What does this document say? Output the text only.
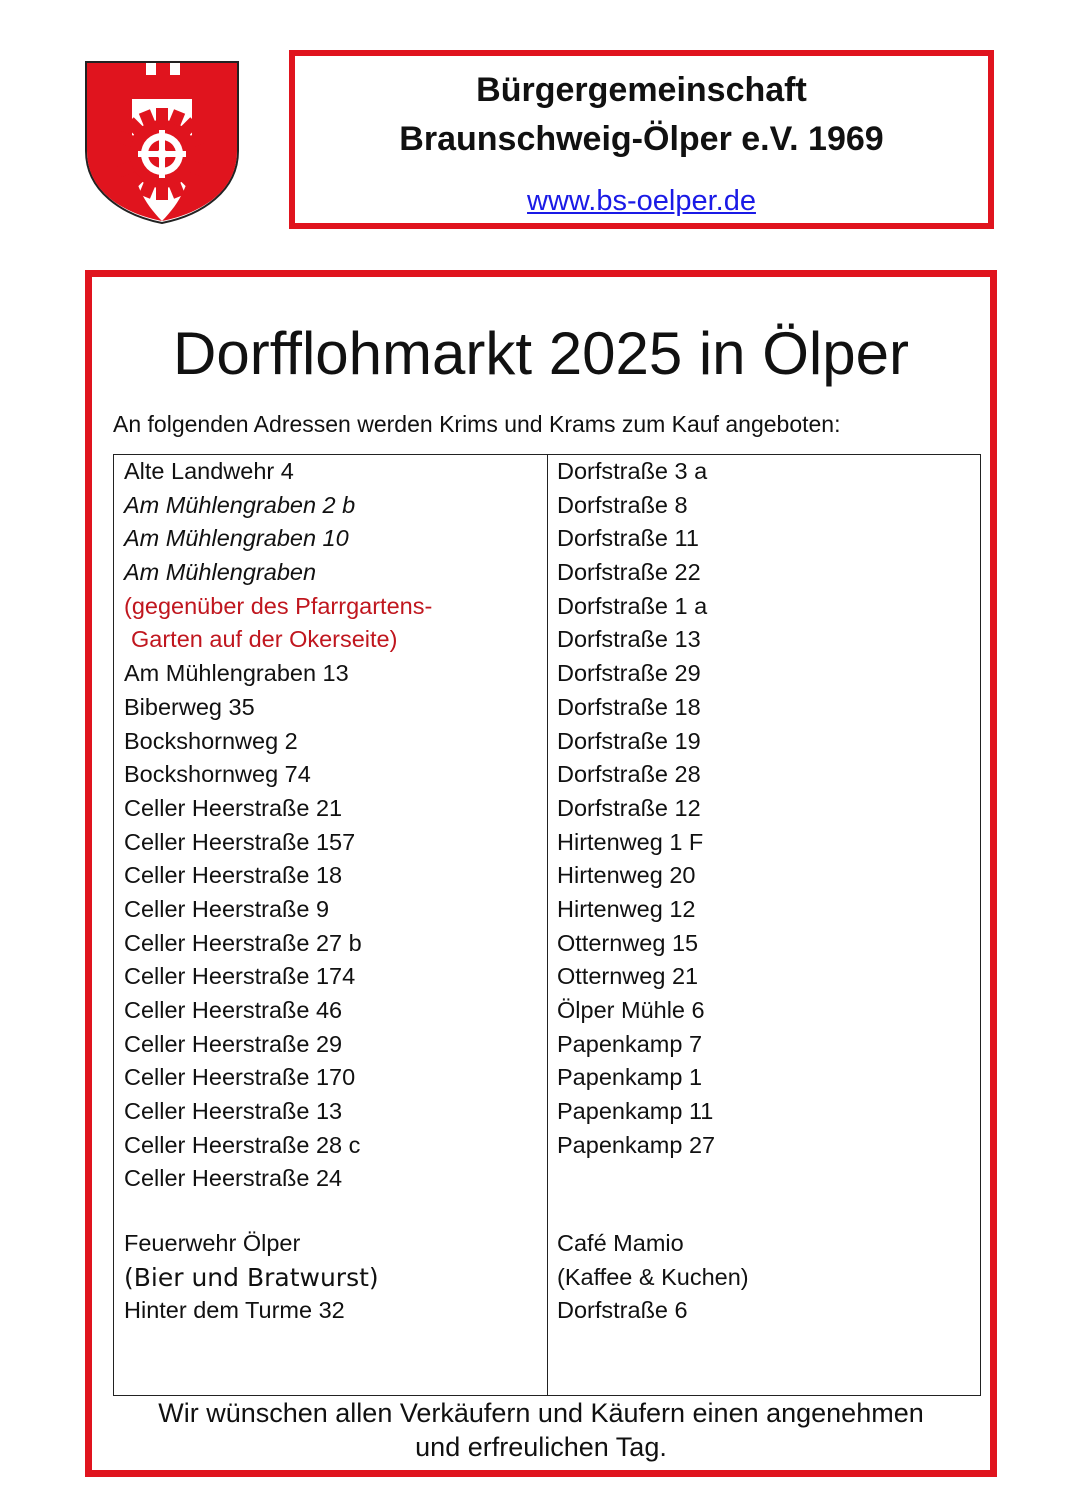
Bürgergemeinschaft
Braunschweig-Ölper e.V. 1969
www.bs-oelper.de
Dorfflohmarkt 2025 in Ölper
An folgenden Adressen werden Krims und Krams zum Kauf angeboten:
Alte Landwehr 4
Am Mühlengraben 2 b
Am Mühlengraben 10
Am Mühlengraben
(gegenüber des Pfarrgartens-
Garten auf der Okerseite)
Am Mühlengraben 13
Biberweg 35
Bockshornweg 2
Bockshornweg 74
Celler Heerstraße 21
Celler Heerstraße 157
Celler Heerstraße 18
Celler Heerstraße 9
Celler Heerstraße 27 b
Celler Heerstraße 174
Celler Heerstraße 46
Celler Heerstraße 29
Celler Heerstraße 170
Celler Heerstraße 13
Celler Heerstraße 28 c
Celler Heerstraße 24
Dorfstraße 3 a
Dorfstraße 8
Dorfstraße 11
Dorfstraße 22
Dorfstraße 1 a
Dorfstraße 13
Dorfstraße 29
Dorfstraße 18
Dorfstraße 19
Dorfstraße 28
Dorfstraße 12
Hirtenweg 1 F
Hirtenweg 20
Hirtenweg 12
Otternweg 15
Otternweg 21
Ölper Mühle 6
Papenkamp 7
Papenkamp 1
Papenkamp 11
Papenkamp 27
Feuerwehr Ölper
(Bier und Bratwurst)
Hinter dem Turme 32
Café Mamio
(Kaffee & Kuchen)
Dorfstraße 6
Wir wünschen allen Verkäufern und Käufern einen angenehmen
und erfreulichen Tag.
